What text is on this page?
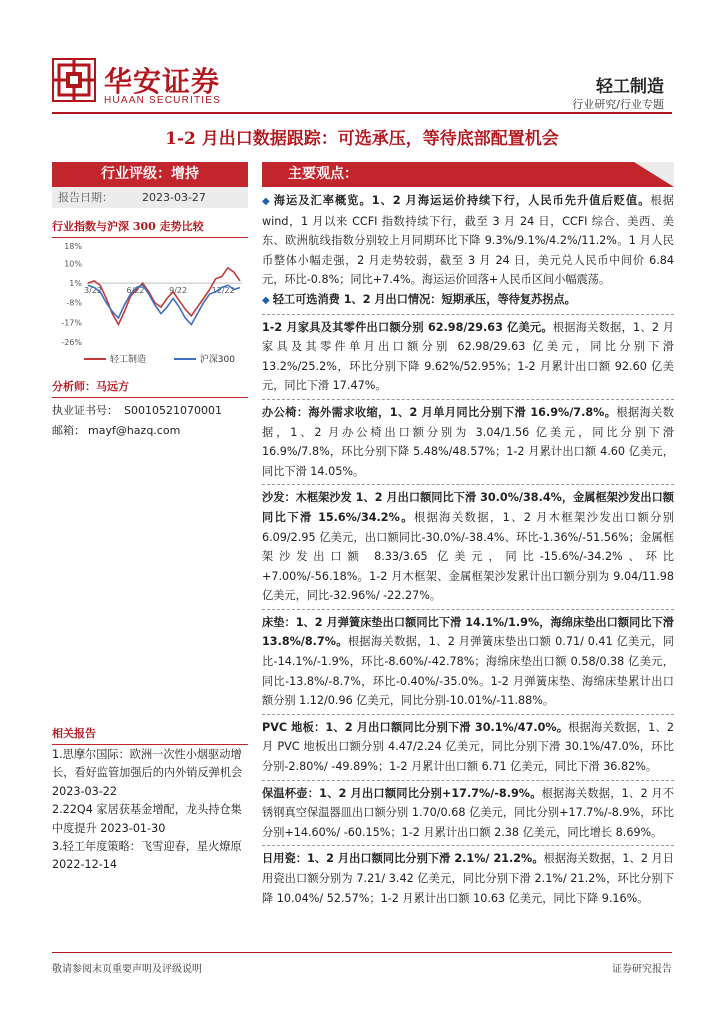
华安证券
HUAAN SECURITIES
轻工制造
行业研究/行业专题
1-2 月出口数据跟踪：可选承压，等待底部配置机会
行业评级：增持
报告日期：	2023-03-27
行业指数与沪深 300 走势比较
18%
10%
1%
-8%
-17%
-26%
3/22	6/22	9/22	12/22
轻工制造	沪深300
分析师：马远方
执业证书号： S0010521070001
邮箱： mayf@hazq.com
相关报告
1.思摩尔国际：欧洲一次性小烟驱动增长，看好监管加强后的内外销反弹机会 2023-03-22
2.22Q4 家居获基金增配，龙头持仓集中度提升 2023-01-30
3.轻工年度策略：飞雪迎春，星火燎原 2022-12-14
主要观点：
◆ 海运及汇率概览。1、2 月海运运价持续下行，人民币先升值后贬值。根据 wind，1 月以来 CCFI 指数持续下行，截至 3 月 24 日，CCFI 综合、美西、美东、欧洲航线指数分别较上月同期环比下降 9.3%/9.1%/4.2%/11.2%。1 月人民币整体小幅走强，2 月走势较弱，截至 3 月 24 日，美元兑人民币中间价 6.84 元，环比-0.8%；同比+7.4%。海运运价回落+人民币区间小幅震荡。
◆ 轻工可选消费 1、2 月出口情况：短期承压，等待复苏拐点。
1-2 月家具及其零件出口额分别 62.98/29.63 亿美元。根据海关数据，1、2 月家具及其零件单月出口额分别 62.98/29.63 亿美元，同比分别下滑 13.2%/25.2%，环比分别下降 9.62%/52.95%；1-2 月累计出口额 92.60 亿美元，同比下滑 17.47%。
办公椅：海外需求收缩，1、2 月单月同比分别下滑 16.9%/7.8%。根据海关数据，1、2 月办公椅出口额分别为 3.04/1.56 亿美元，同比分别下滑 16.9%/7.8%，环比分别下降 5.48%/48.57%；1-2 月累计出口额 4.60 亿美元，同比下滑 14.05%。
沙发：木框架沙发 1、2 月出口额同比下滑 30.0%/38.4%，金属框架沙发出口额同比下滑 15.6%/34.2%。根据海关数据，1、2 月木框架沙发出口额分别 6.09/2.95 亿美元，出口额同比-30.0%/-38.4%、环比-1.36%/-51.56%；金属框架沙发出口额 8.33/3.65 亿美元，同比-15.6%/-34.2%、环比+7.00%/-56.18%。1-2 月木框架、金属框架沙发累计出口额分别为 9.04/11.98 亿美元，同比-32.96%/ -22.27%。
床垫：1、2 月弹簧床垫出口额同比下滑 14.1%/1.9%，海绵床垫出口额同比下滑 13.8%/8.7%。根据海关数据，1、2 月弹簧床垫出口额 0.71/ 0.41 亿美元，同比-14.1%/-1.9%，环比-8.60%/-42.78%；海绵床垫出口额 0.58/0.38 亿美元，同比-13.8%/-8.7%，环比-0.40%/-35.0%。1-2 月弹簧床垫、海绵床垫累计出口额分别 1.12/0.96 亿美元，同比分别-10.01%/-11.88%。
PVC 地板：1、2 月出口额同比分别下滑 30.1%/47.0%。根据海关数据，1、2 月 PVC 地板出口额分别 4.47/2.24 亿美元，同比分别下滑 30.1%/47.0%，环比分别-2.80%/ -49.89%；1-2 月累计出口额 6.71 亿美元，同比下滑 36.82%。
保温杯壶：1、2 月出口额同比分别+17.7%/-8.9%。根据海关数据，1、2 月不锈钢真空保温器皿出口额分别 1.70/0.68 亿美元，同比分别+17.7%/-8.9%，环比分别+14.60%/ -60.15%；1-2 月累计出口额 2.38 亿美元，同比增长 8.69%。
日用瓷：1、2 月出口额同比分别下滑 2.1%/ 21.2%。根据海关数据，1、2 月日用瓷出口额分别为 7.21/ 3.42 亿美元，同比分别下滑 2.1%/ 21.2%，环比分别下降 10.04%/ 52.57%；1-2 月累计出口额 10.63 亿美元，同比下降 9.16%。
敬请参阅末页重要声明及评级说明	证券研究报告
